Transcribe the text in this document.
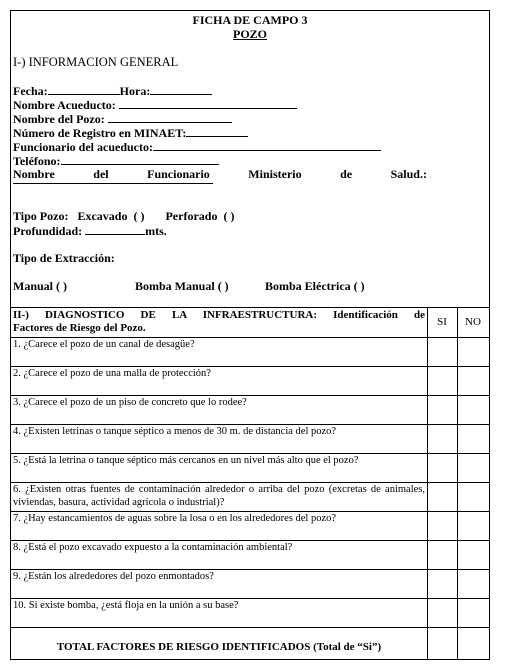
FICHA DE CAMPO 3
POZO
I-) INFORMACION GENERAL
Fecha:	Hora:
Nombre Acueducto:
Nombre del Pozo:
Número de Registro en MINAET:
Funcionario del acueducto:
Teléfono:
Nombre	del	Funcionario	Ministerio	de	Salud.:
Tipo Pozo: Excavado ( ) Perforado ( )
Profundidad:	mts.
Tipo de Extracción:
Manual ( )	Bomba Manual ( )	Bomba Eléctrica ( )
II-) DIAGNOSTICO DE LA INFRAESTRUCTURA: Identificación de
Factores de Riesgo del Pozo.	SI	NO
1. ¿Carece el pozo de un canal de desagüe?
2. ¿Carece el pozo de una malla de protección?
3. ¿Carece el pozo de un piso de concreto que lo rodee?
4. ¿Existen letrinas o tanque séptico a menos de 30 m. de distancia del pozo?
5. ¿Está la letrina o tanque séptico más cercanos en un nivel más alto que el pozo?
6. ¿Existen otras fuentes de contaminación alrededor o arriba del pozo (excretas de animales, viviendas, basura, actividad agrícola o industrial)?
7. ¿Hay estancamientos de aguas sobre la losa o en los alrededores del pozo?
8. ¿Está el pozo excavado expuesto a la contaminación ambiental?
9. ¿Están los alrededores del pozo enmontados?
10. Si existe bomba, ¿está floja en la unión a su base?
TOTAL FACTORES DE RIESGO IDENTIFICADOS (Total de “Si”)
